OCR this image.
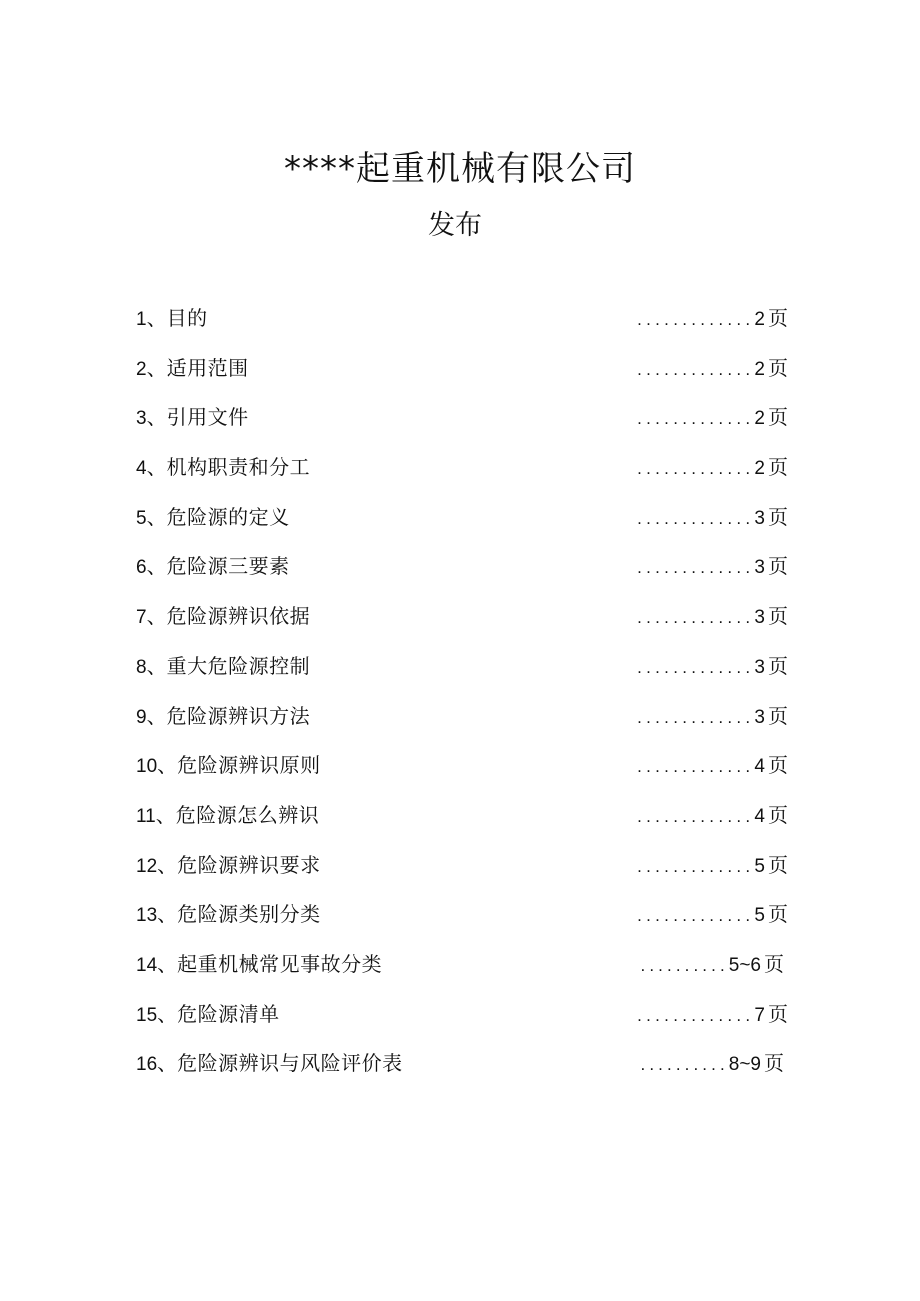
****起重机械有限公司
发布
1、目的	.............2 页
2、适用范围	.............2 页
3、引用文件	.............2 页
4、机构职责和分工	.............2 页
5、危险源的定义	.............3 页
6、危险源三要素	.............3 页
7、危险源辨识依据	.............3 页
8、重大危险源控制	.............3 页
9、危险源辨识方法	.............3 页
10、危险源辨识原则	.............4 页
11、危险源怎么辨识	.............4 页
12、危险源辨识要求	.............5 页
13、危险源类别分类	.............5 页
14、起重机械常见事故分类	..........5~6 页
15、危险源清单	.............7 页
16、危险源辨识与风险评价表	..........8~9 页
